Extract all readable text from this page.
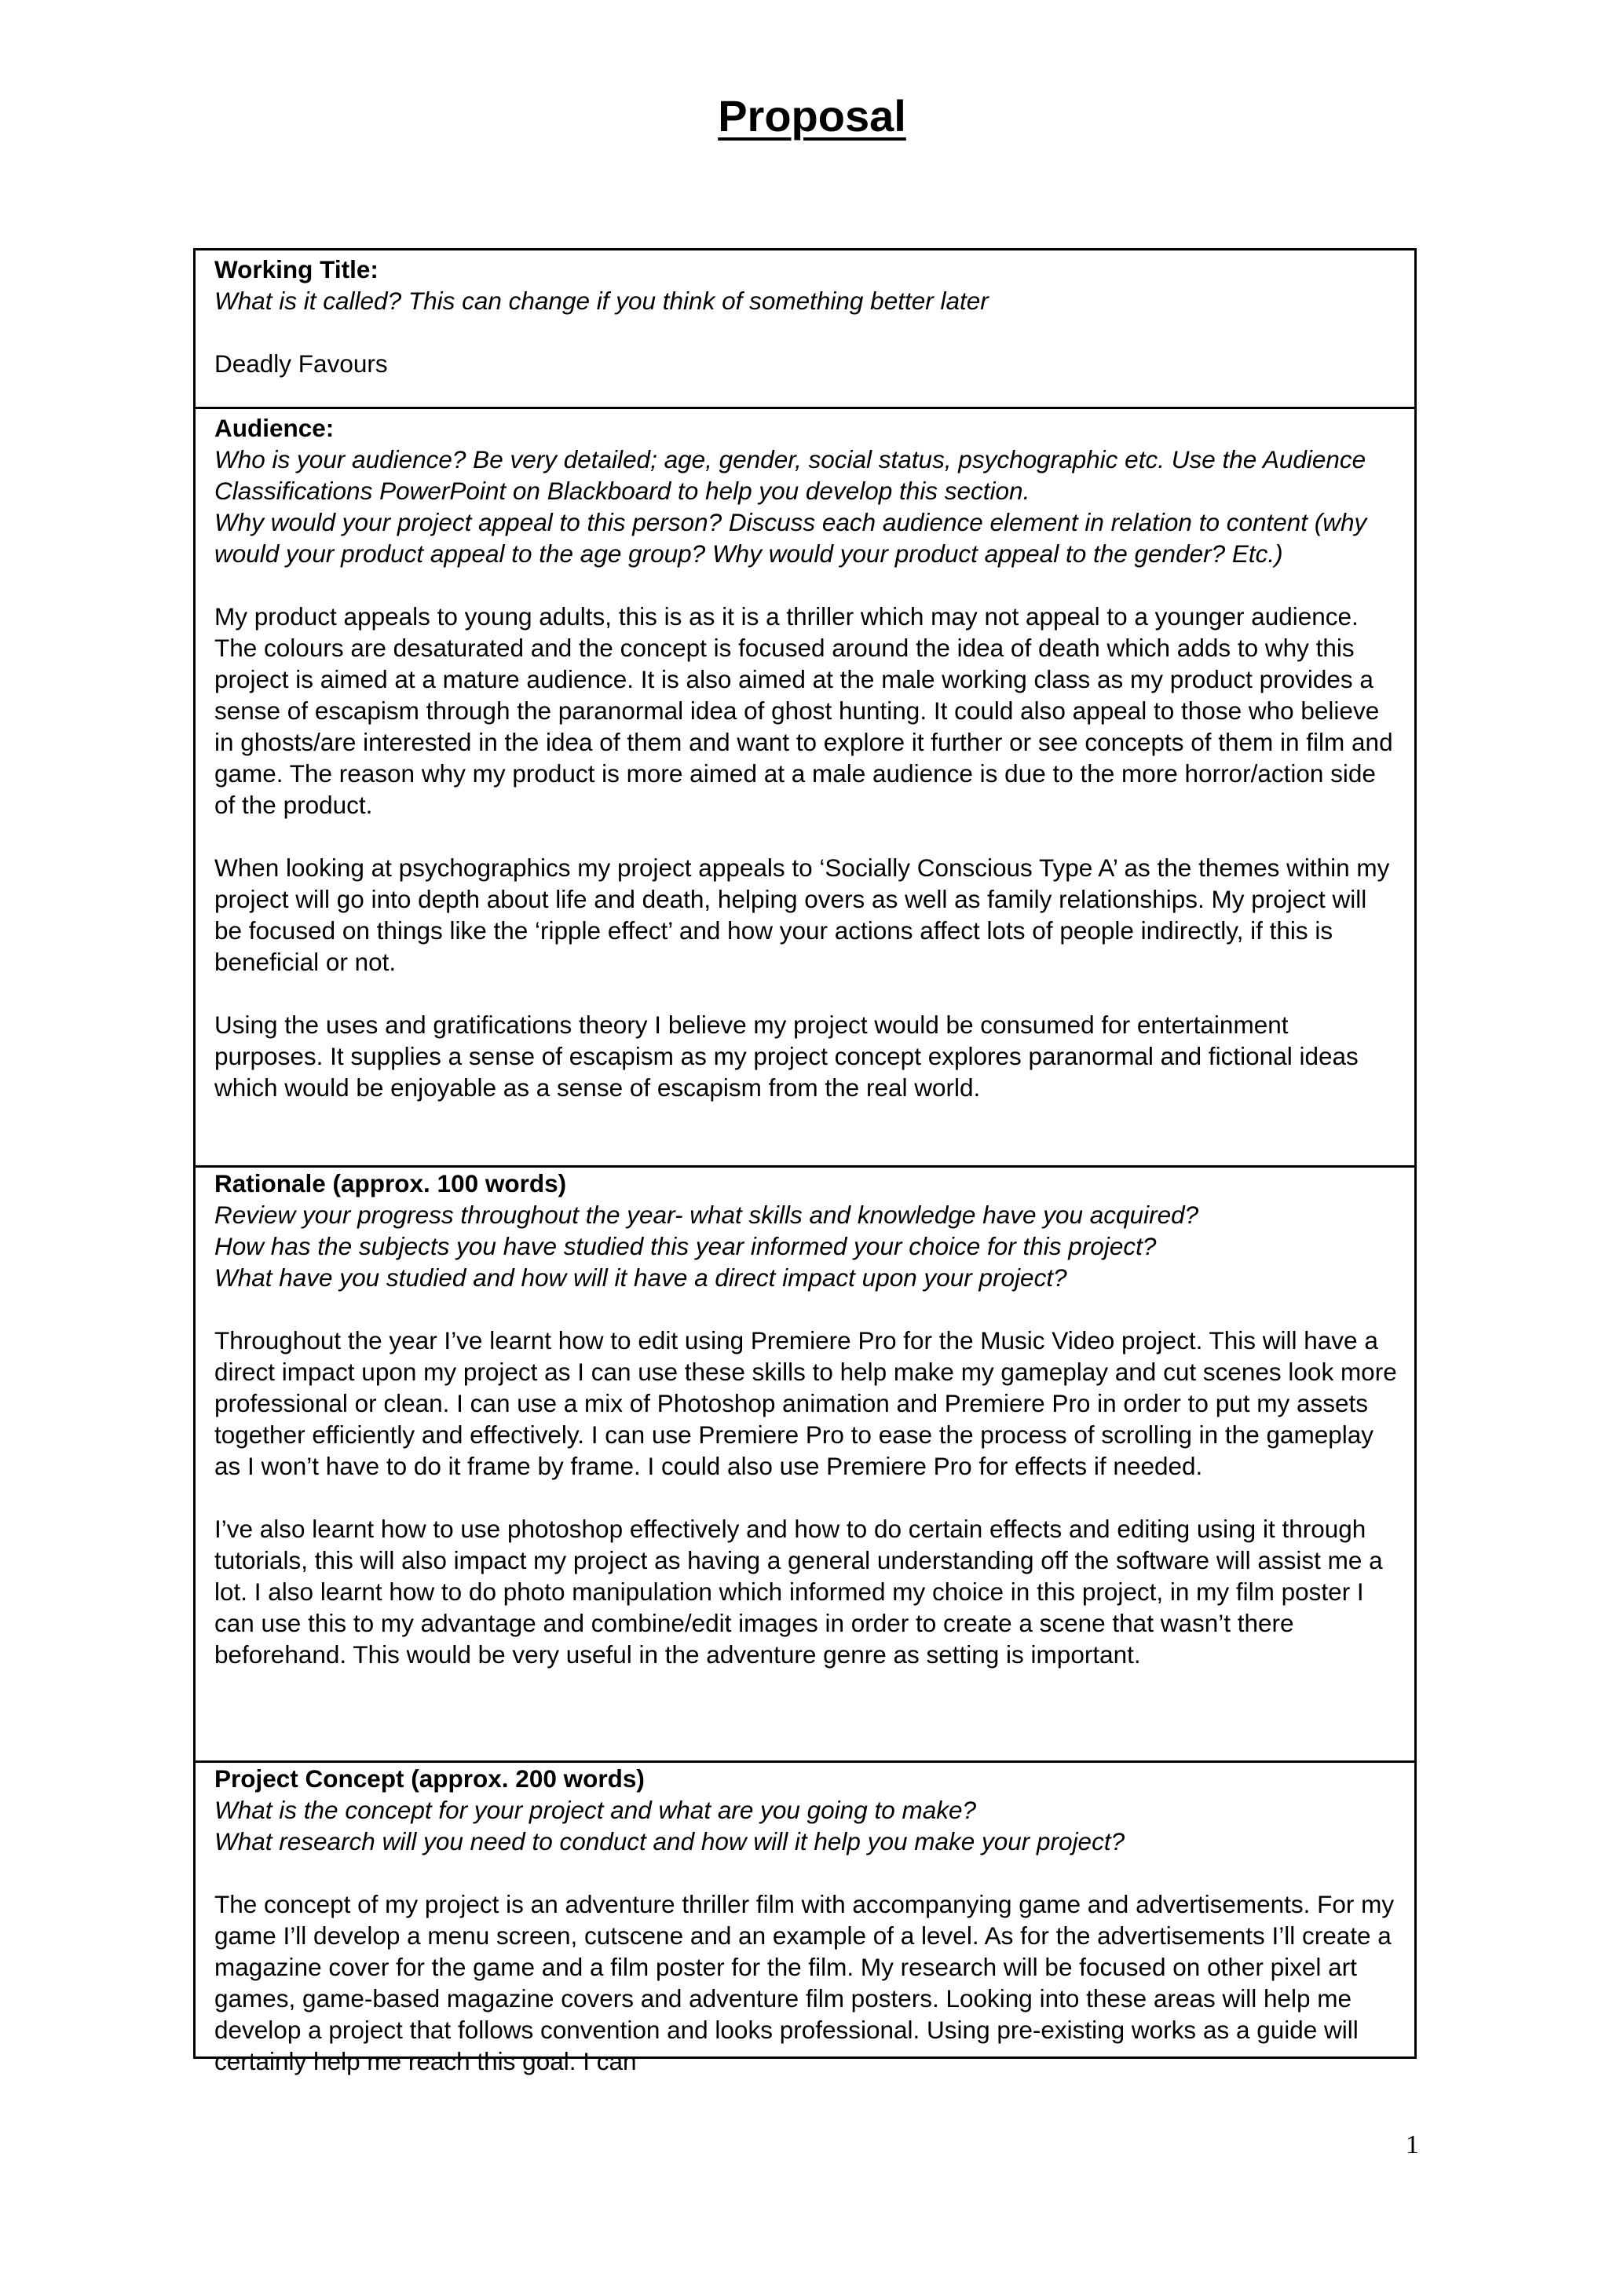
Proposal
Working Title:
What is it called? This can change if you think of something better later
Deadly Favours
Audience:
Who is your audience? Be very detailed; age, gender, social status, psychographic etc. Use the Audience Classifications PowerPoint on Blackboard to help you develop this section.
Why would your project appeal to this person? Discuss each audience element in relation to content (why would your product appeal to the age group? Why would your product appeal to the gender? Etc.)
My product appeals to young adults, this is as it is a thriller which may not appeal to a younger audience. The colours are desaturated and the concept is focused around the idea of death which adds to why this project is aimed at a mature audience. It is also aimed at the male working class as my product provides a sense of escapism through the paranormal idea of ghost hunting. It could also appeal to those who believe in ghosts/are interested in the idea of them and want to explore it further or see concepts of them in film and game. The reason why my product is more aimed at a male audience is due to the more horror/action side of the product.
When looking at psychographics my project appeals to ‘Socially Conscious Type A’ as the themes within my project will go into depth about life and death, helping overs as well as family relationships. My project will be focused on things like the ‘ripple effect’ and how your actions affect lots of people indirectly, if this is beneficial or not.
Using the uses and gratifications theory I believe my project would be consumed for entertainment purposes. It supplies a sense of escapism as my project concept explores paranormal and fictional ideas which would be enjoyable as a sense of escapism from the real world.
Rationale (approx. 100 words)
Review your progress throughout the year- what skills and knowledge have you acquired?
How has the subjects you have studied this year informed your choice for this project?
What have you studied and how will it have a direct impact upon your project?
Throughout the year I’ve learnt how to edit using Premiere Pro for the Music Video project. This will have a direct impact upon my project as I can use these skills to help make my gameplay and cut scenes look more professional or clean. I can use a mix of Photoshop animation and Premiere Pro in order to put my assets together efficiently and effectively. I can use Premiere Pro to ease the process of scrolling in the gameplay as I won’t have to do it frame by frame. I could also use Premiere Pro for effects if needed.
I’ve also learnt how to use photoshop effectively and how to do certain effects and editing using it through tutorials, this will also impact my project as having a general understanding off the software will assist me a lot. I also learnt how to do photo manipulation which informed my choice in this project, in my film poster I can use this to my advantage and combine/edit images in order to create a scene that wasn’t there beforehand. This would be very useful in the adventure genre as setting is important.
Project Concept (approx. 200 words)
What is the concept for your project and what are you going to make?
What research will you need to conduct and how will it help you make your project?
The concept of my project is an adventure thriller film with accompanying game and advertisements. For my game I’ll develop a menu screen, cutscene and an example of a level. As for the advertisements I’ll create a magazine cover for the game and a film poster for the film. My research will be focused on other pixel art games, game-based magazine covers and adventure film posters. Looking into these areas will help me develop a project that follows convention and looks professional. Using pre-existing works as a guide will certainly help me reach this goal. I can
1
